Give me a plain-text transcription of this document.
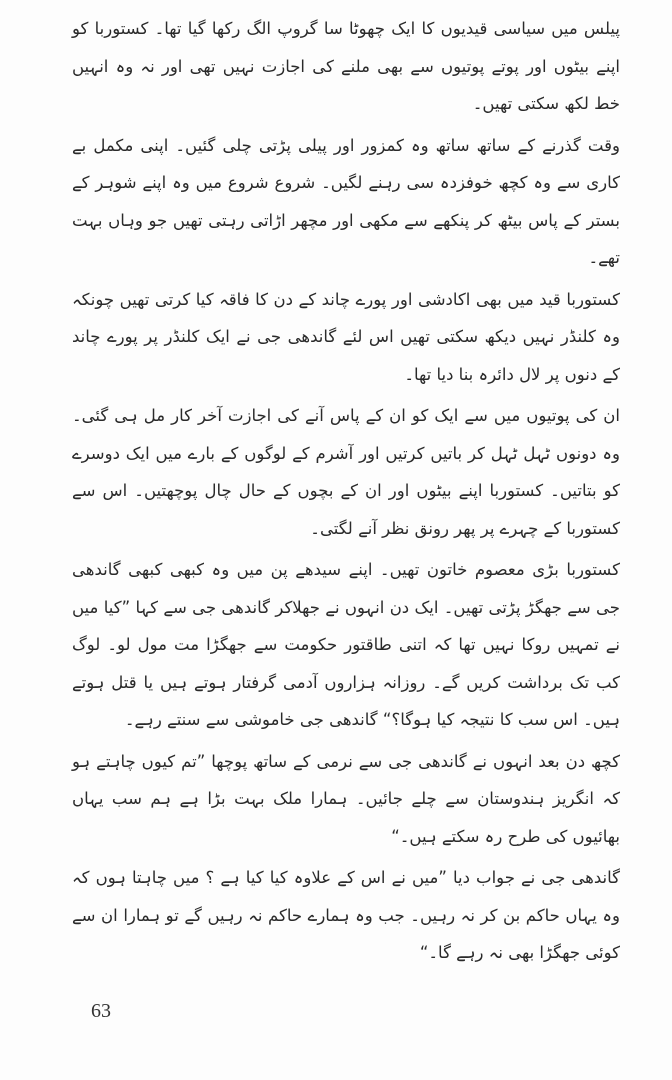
پیلس میں سیاسی قیدیوں کا ایک چھوٹا سا گروپ الگ رکھا گیا تھا۔ کستوربا کو اپنے بیٹوں اور پوتے پوتیوں سے بھی ملنے کی اجازت نہیں تھی اور نہ وہ انہیں خط لکھ سکتی تھیں۔

وقت گذرنے کے ساتھ ساتھ وہ کمزور اور پیلی پڑتی چلی گئیں۔ اپنی مکمل بے کاری سے وہ کچھ خوفزدہ سی رہنے لگیں۔ شروع شروع میں وہ اپنے شوہر کے بستر کے پاس بیٹھ کر پنکھے سے مکھی اور مچھر اڑاتی رہتی تھیں جو وہاں بہت تھے۔

کستوربا قید میں بھی اکادشی اور پورے چاند کے دن کا فاقہ کیا کرتی تھیں چونکہ وہ کلنڈر نہیں دیکھ سکتی تھیں اس لئے گاندھی جی نے ایک کلنڈر پر پورے چاند کے دنوں پر لال دائرہ بنا دیا تھا۔

ان کی پوتیوں میں سے ایک کو ان کے پاس آنے کی اجازت آخر کار مل ہی گئی۔ وہ دونوں ٹہل ٹہل کر باتیں کرتیں اور آشرم کے لوگوں کے بارے میں ایک دوسرے کو بتاتیں۔ کستوربا اپنے بیٹوں اور ان کے بچوں کے حال چال پوچھتیں۔ اس سے کستوربا کے چہرے پر پھر رونق نظر آنے لگتی۔

کستوربا بڑی معصوم خاتون تھیں۔ اپنے سیدھے پن میں وہ کبھی کبھی گاندھی جی سے جھگڑ پڑتی تھیں۔ ایک دن انہوں نے جھلاکر گاندھی جی سے کہا ”کیا میں نے تمہیں روکا نہیں تھا کہ اتنی طاقتور حکومت سے جھگڑا مت مول لو۔ لوگ کب تک برداشت کریں گے۔ روزانہ ہزاروں آدمی گرفتار ہوتے ہیں یا قتل ہوتے ہیں۔ اس سب کا نتیجہ کیا ہوگا؟“ گاندھی جی خاموشی سے سنتے رہے۔

کچھ دن بعد انہوں نے گاندھی جی سے نرمی کے ساتھ پوچھا ”تم کیوں چاہتے ہو کہ انگریز ہندوستان سے چلے جائیں۔ ہمارا ملک بہت بڑا ہے ہم سب یہاں بھائیوں کی طرح رہ سکتے ہیں۔“

گاندھی جی نے جواب دیا ”میں نے اس کے علاوہ کیا کیا ہے ؟ میں چاہتا ہوں کہ وہ یہاں حاکم بن کر نہ رہیں۔ جب وہ ہمارے حاکم نہ رہیں گے تو ہمارا ان سے کوئی جھگڑا بھی نہ رہے گا۔“

63
